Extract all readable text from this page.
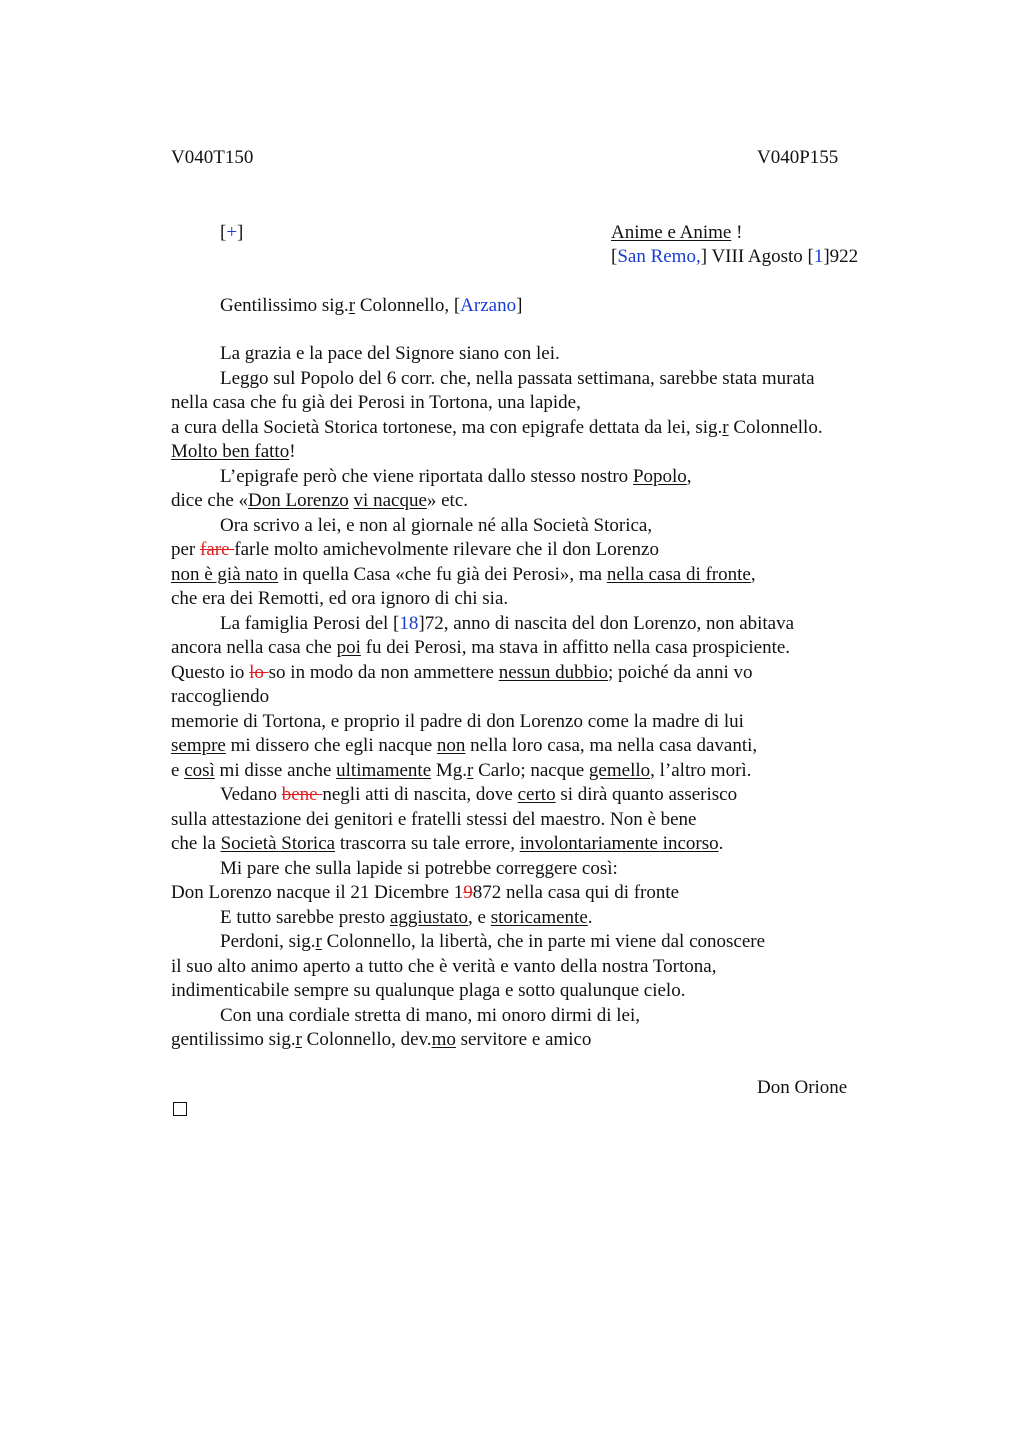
V040T150	V040P155
[+]	Anime e Anime !
[San Remo,] VIII Agosto [1]922
Gentilissimo sig.r Colonnello, [Arzano]
La grazia e la pace del Signore siano con lei.
Leggo sul Popolo del 6 corr. che, nella passata settimana, sarebbe stata murata
nella casa che fu già dei Perosi in Tortona, una lapide,
a cura della Società Storica tortonese, ma con epigrafe dettata da lei, sig.r Colonnello.
Molto ben fatto!
L’epigrafe però che viene riportata dallo stesso nostro Popolo,
dice che «Don Lorenzo vi nacque» etc.
Ora scrivo a lei, e non al giornale né alla Società Storica,
per fare farle molto amichevolmente rilevare che il don Lorenzo
non è già nato in quella Casa «che fu già dei Perosi», ma nella casa di fronte,
che era dei Remotti, ed ora ignoro di chi sia.
La famiglia Perosi del [18]72, anno di nascita del don Lorenzo, non abitava
ancora nella casa che poi fu dei Perosi, ma stava in affitto nella casa prospiciente.
Questo io lo so in modo da non ammettere nessun dubbio; poiché da anni vo
raccogliendo
memorie di Tortona, e proprio il padre di don Lorenzo come la madre di lui
sempre mi dissero che egli nacque non nella loro casa, ma nella casa davanti,
e così mi disse anche ultimamente Mg.r Carlo; nacque gemello, l’altro morì.
Vedano bene negli atti di nascita, dove certo si dirà quanto asserisco
sulla attestazione dei genitori e fratelli stessi del maestro. Non è bene
che la Società Storica trascorra su tale errore, involontariamente incorso.
Mi pare che sulla lapide si potrebbe correggere così:
Don Lorenzo nacque il 21 Dicembre 19872 nella casa qui di fronte
E tutto sarebbe presto aggiustato, e storicamente.
Perdoni, sig.r Colonnello, la libertà, che in parte mi viene dal conoscere
il suo alto animo aperto a tutto che è verità e vanto della nostra Tortona,
indimenticabile sempre su qualunque plaga e sotto qualunque cielo.
Con una cordiale stretta di mano, mi onoro dirmi di lei,
gentilissimo sig.r Colonnello, dev.mo servitore e amico
Don Orione
